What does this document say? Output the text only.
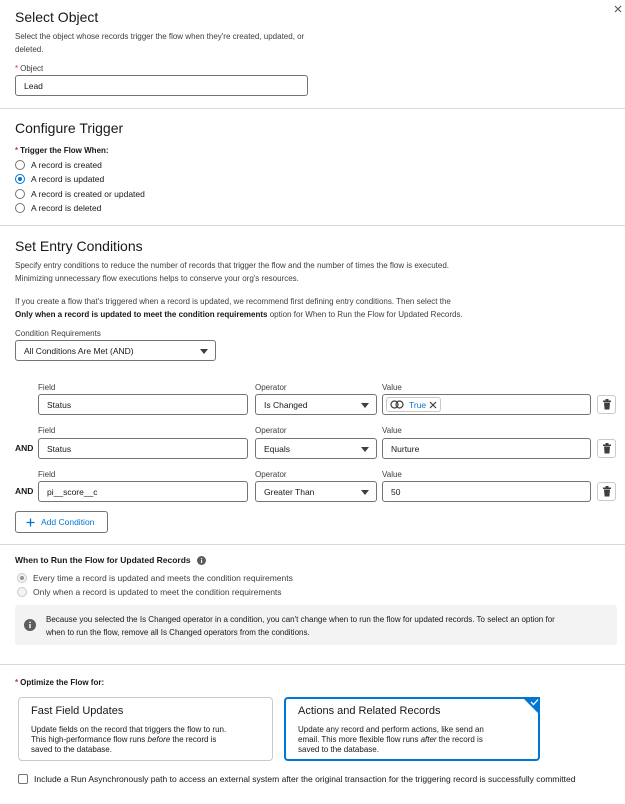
Select Object
Select the object whose records trigger the flow when they're created, updated, or
deleted.
* Object
Lead
Configure Trigger
* Trigger the Flow When:
A record is created
A record is updated
A record is created or updated
A record is deleted
Set Entry Conditions
Specify entry conditions to reduce the number of records that trigger the flow and the number of times the flow is executed.
Minimizing unnecessary flow executions helps to conserve your org's resources.
If you create a flow that's triggered when a record is updated, we recommend first defining entry conditions. Then select the
Only when a record is updated to meet the condition requirements option for When to Run the Flow for Updated Records.
Condition Requirements
All Conditions Are Met (AND)
Field	Operator	Value
Status	Is Changed	True
Field	Operator	Value
AND Status	Equals	Nurture
Field	Operator	Value
AND pi__score__c	Greater Than	50
Add Condition
When to Run the Flow for Updated Records
Every time a record is updated and meets the condition requirements
Only when a record is updated to meet the condition requirements
Because you selected the Is Changed operator in a condition, you can't change when to run the flow for updated records. To select an option for
when to run the flow, remove all Is Changed operators from the conditions.
* Optimize the Flow for:
Fast Field Updates
Update fields on the record that triggers the flow to run.
This high-performance flow runs before the record is
saved to the database.
Actions and Related Records
Update any record and perform actions, like send an
email. This more flexible flow runs after the record is
saved to the database.
Include a Run Asynchronously path to access an external system after the original transaction for the triggering record is successfully committed
